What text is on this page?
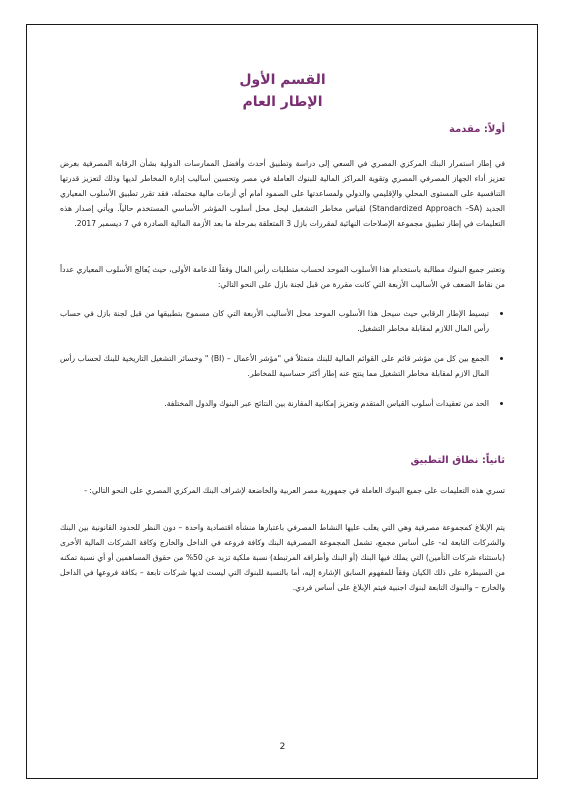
القسم الأول
الإطار العام
أولاً: مقدمة

في إطار استمرار البنك المركزي المصري في السعي إلى دراسة وتطبيق أحدث وأفضل الممارسات الدولية بشأن الرقابة المصرفية بغرض تعزيز أداء الجهاز المصرفي المصري وتقوية المراكز المالية للبنوك العاملة في مصر وتحسين أساليب إدارة المخاطر لديها وذلك لتعزيز قدرتها التنافسية على المستوى المحلي والإقليمي والدولي ولمساعدتها على الصمود أمام أي أزمات مالية محتملة، فقد تقرر تطبيق الأسلوب المعياري الجديد (Standardized Approach –SA) لقياس مخاطر التشغيل ليحل محل أسلوب المؤشر الأساسي المستخدم حالياً. ويأتي إصدار هذه التعليمات في إطار تطبيق مجموعة الإصلاحات النهائية لمقررات بازل 3 المتعلقة بمرحلة ما بعد الأزمة المالية الصادرة في 7 ديسمبر 2017.

وتعتبر جميع البنوك مطالبة باستخدام هذا الأسلوب الموحد لحساب متطلبات رأس المال وفقاً للدعامة الأولى، حيث يُعالج الأسلوب المعياري عدداً من نقاط الضعف في الأساليب الأربعة التي كانت مقررة من قبل لجنة بازل على النحو التالي:

تبسيط الإطار الرقابي حيث سيحل هذا الأسلوب الموحد محل الأساليب الأربعة التي كان مسموح بتطبيقها من قبل لجنة بازل في حساب رأس المال اللازم لمقابلة مخاطر التشغيل.
الجمع بين كل من مؤشر قائم على القوائم المالية للبنك متمثلاً في "مؤشر الأعمال – (BI) " وخسائر التشغيل التاريخية للبنك لحساب رأس المال الازم لمقابلة مخاطر التشغيل مما ينتج عنه إطار أكثر حساسية للمخاطر.
الحد من تعقيدات أسلوب القياس المتقدم وتعزيز إمكانية المقارنة بين النتائج عبر البنوك والدول المختلفة.
ثانياً: نطاق التطبيق

تسري هذه التعليمات على جميع البنوك العاملة في جمهورية مصر العربية والخاضعة لإشراف البنك المركزي المصري على النحو التالي: -

يتم الإبلاغ كمجموعة مصرفية وهي التي يغلب عليها النشاط المصرفي باعتبارها منشأة اقتصادية واحدة – دون النظر للحدود القانونية بين البنك والشركات التابعة له- على أساس مجمع، تشمل المجموعة المصرفية البنك وكافة فروعه في الداخل والخارج وكافة الشركات المالية الأخرى (باستثناء شركات التأمين) التي يملك فيها البنك (أو البنك وأطرافه المرتبطة) نسبة ملكية تزيد عن 50% من حقوق المساهمين أو أي نسبة تمكنه من السيطرة على ذلك الكيان وفقاً للمفهوم السابق الإشارة إليه، أما بالنسبة للبنوك التي ليست لديها شركات تابعة – بكافة فروعها في الداخل والخارج – والبنوك التابعة لبنوك اجنبية فيتم الإبلاغ على أساس فردي.

2
